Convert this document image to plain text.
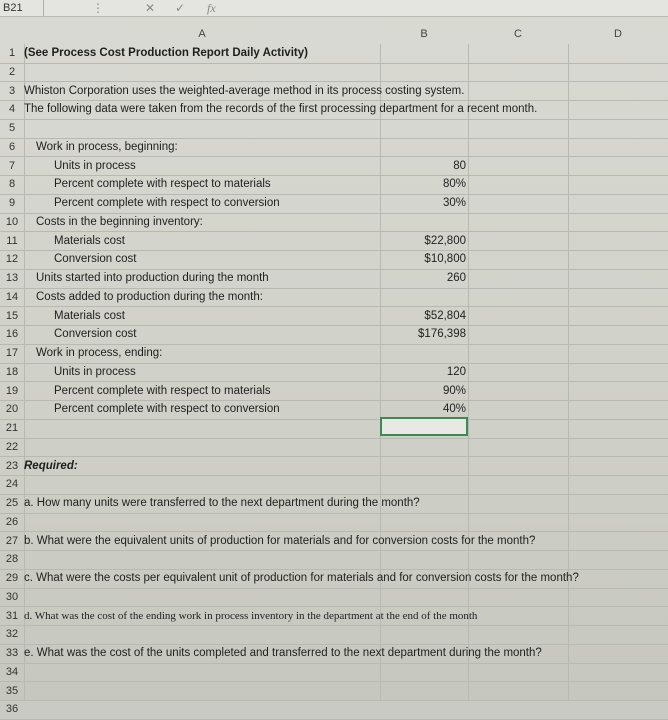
B21	⋮	✕ ✓ fx
A	B	C	D
1 (See Process Cost Production Report Daily Activity)
2
3 Whiston Corporation uses the weighted-average method in its process costing system.
4 The following data were taken from the records of the first processing department for a recent month.
5
6	Work in process, beginning:
7	Units in process	80
8	Percent complete with respect to materials	80%
9	Percent complete with respect to conversion	30%
10	Costs in the beginning inventory:
11	Materials cost	$22,800
12	Conversion cost	$10,800
13	Units started into production during the month	260
14	Costs added to production during the month:
15	Materials cost	$52,804
16	Conversion cost	$176,398
17	Work in process, ending:
18	Units in process	120
19	Percent complete with respect to materials	90%
20	Percent complete with respect to conversion	40%
21
22
23 Required:
24
25 a. How many units were transferred to the next department during the month?
26
27 b. What were the equivalent units of production for materials and for conversion costs for the month?
28
29 c. What were the costs per equivalent unit of production for materials and for conversion costs for the month?
30
31 d. What was the cost of the ending work in process inventory in the department at the end of the month
32
33 e. What was the cost of the units completed and transferred to the next department during the month?
34
35
36
